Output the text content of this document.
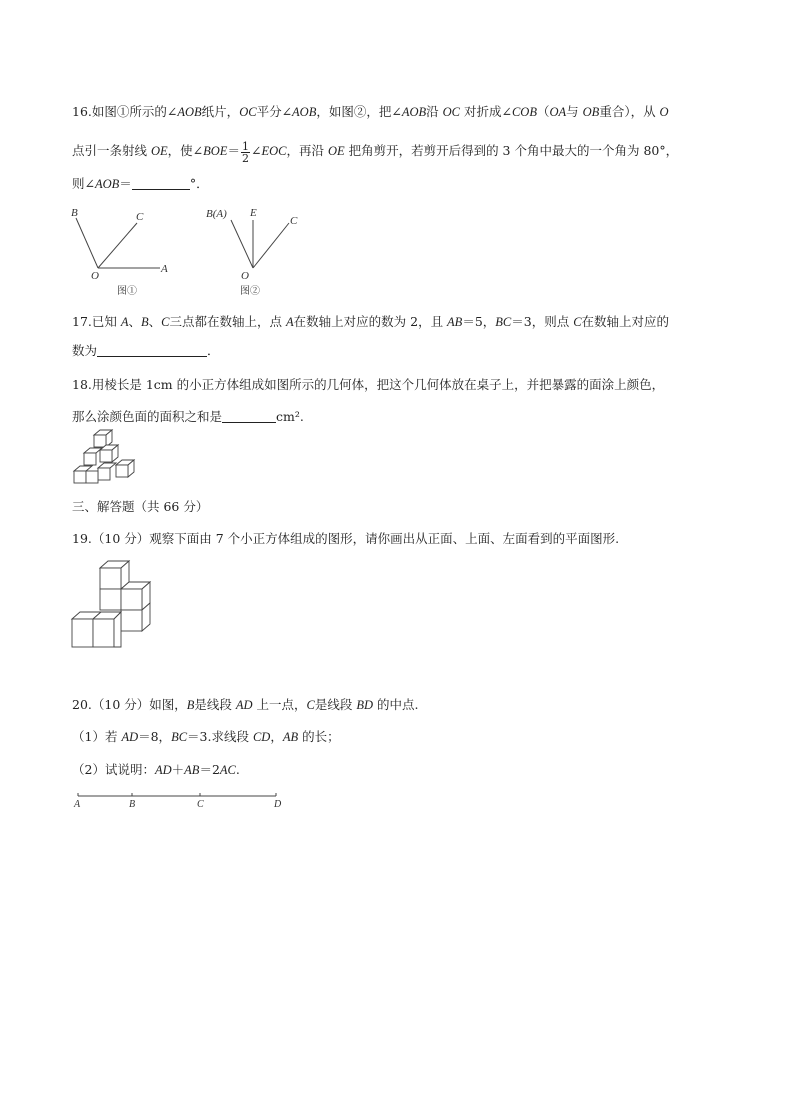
16.如图①所示的∠AOB纸片，OC平分∠AOB，如图②，把∠AOB沿 OC 对折成∠COB（OA与 OB重合），从 O
点引一条射线 OE，使∠BOE＝ $\frac{1}{2}$ ∠EOC，再沿 OE 把角剪开，若剪开后得到的 3 个角中最大的一个角为 80°，
则∠AOB＝	°．
B	C
O
A
图①
B(A) E
C
O
图②
17.已知 A、B、C三点都在数轴上，点 A在数轴上对应的数为 2，且 AB＝5，BC＝3，则点 C在数轴上对应的
数为	．
18.用棱长是 1cm 的小正方体组成如图所示的几何体，把这个几何体放在桌子上，并把暴露的面涂上颜色，
那么涂颜色面的面积之和是	cm².
三、解答题（共 66 分）
19.（10 分）观察下面由 7 个小正方体组成的图形，请你画出从正面、上面、左面看到的平面图形.
20.（10 分）如图，B是线段 AD 上一点，C是线段 BD 的中点.
（1）若 AD＝8，BC＝3.求线段 CD，AB 的长；
（2）试说明：AD＋AB＝2AC.
A	B	C	D
